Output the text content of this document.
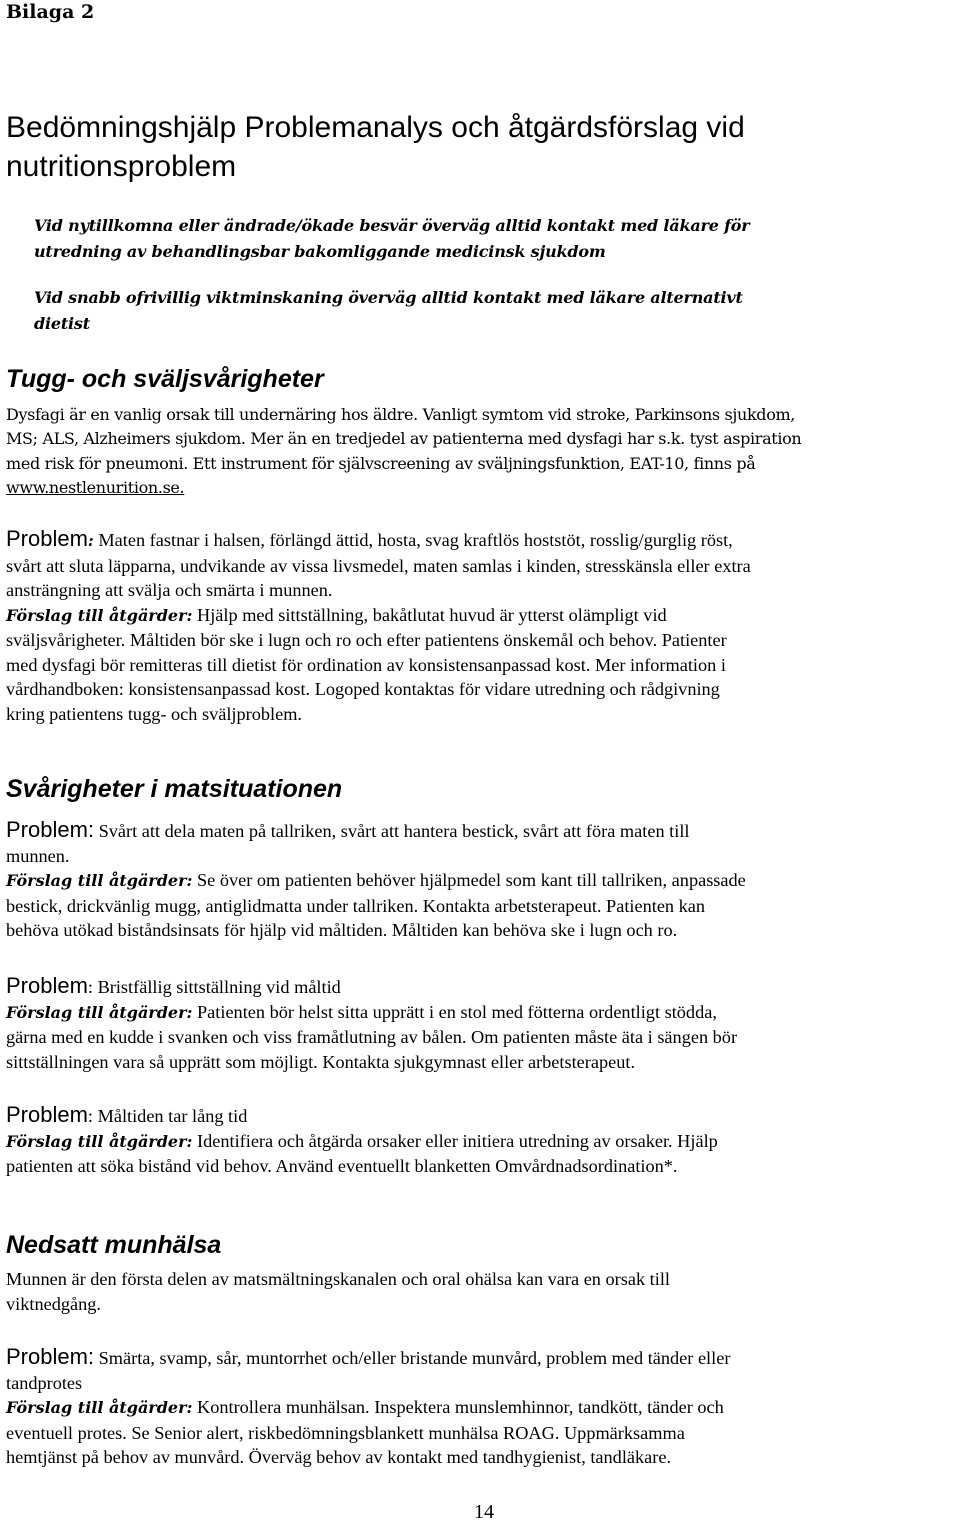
Bilaga 2
Bedömningshjälp Problemanalys och åtgärdsförslag vid
nutritionsproblem
Vid nytillkomna eller ändrade/ökade besvär överväg alltid kontakt med läkare för
utredning av behandlingsbar bakomliggande medicinsk sjukdom
Vid snabb ofrivillig viktminskaning överväg alltid kontakt med läkare alternativt
dietist
Tugg- och sväljsvårigheter
Dysfagi är en vanlig orsak till undernäring hos äldre. Vanligt symtom vid stroke, Parkinsons sjukdom,
MS; ALS, Alzheimers sjukdom. Mer än en tredjedel av patienterna med dysfagi har s.k. tyst aspiration
med risk för pneumoni. Ett instrument för självscreening av sväljningsfunktion, EAT-10, finns på
www.nestlenurition.se.
Problem: Maten fastnar i halsen, förlängd ättid, hosta, svag kraftlös hoststöt, rosslig/gurglig röst,
svårt att sluta läpparna, undvikande av vissa livsmedel, maten samlas i kinden, stresskänsla eller extra
ansträngning att svälja och smärta i munnen.
Förslag till åtgärder: Hjälp med sittställning, bakåtlutat huvud är ytterst olämpligt vid
sväljsvårigheter. Måltiden bör ske i lugn och ro och efter patientens önskemål och behov. Patienter
med dysfagi bör remitteras till dietist för ordination av konsistensanpassad kost. Mer information i
vårdhandboken: konsistensanpassad kost. Logoped kontaktas för vidare utredning och rådgivning
kring patientens tugg- och sväljproblem.
Svårigheter i matsituationen
Problem: Svårt att dela maten på tallriken, svårt att hantera bestick, svårt att föra maten till
munnen.
Förslag till åtgärder: Se över om patienten behöver hjälpmedel som kant till tallriken, anpassade
bestick, drickvänlig mugg, antiglidmatta under tallriken. Kontakta arbetsterapeut. Patienten kan
behöva utökad biståndsinsats för hjälp vid måltiden. Måltiden kan behöva ske i lugn och ro.
Problem: Bristfällig sittställning vid måltid
Förslag till åtgärder: Patienten bör helst sitta upprätt i en stol med fötterna ordentligt stödda,
gärna med en kudde i svanken och viss framåtlutning av bålen. Om patienten måste äta i sängen bör
sittställningen vara så upprätt som möjligt. Kontakta sjukgymnast eller arbetsterapeut.
Problem: Måltiden tar lång tid
Förslag till åtgärder: Identifiera och åtgärda orsaker eller initiera utredning av orsaker. Hjälp
patienten att söka bistånd vid behov. Använd eventuellt blanketten Omvårdnadsordination*.
Nedsatt munhälsa
Munnen är den första delen av matsmältningskanalen och oral ohälsa kan vara en orsak till
viktnedgång.
Problem: Smärta, svamp, sår, muntorrhet och/eller bristande munvård, problem med tänder eller
tandprotes
Förslag till åtgärder: Kontrollera munhälsan. Inspektera munslemhinnor, tandkött, tänder och
eventuell protes. Se Senior alert, riskbedömningsblankett munhälsa ROAG. Uppmärksamma
hemtjänst på behov av munvård. Överväg behov av kontakt med tandhygienist, tandläkare.
14
